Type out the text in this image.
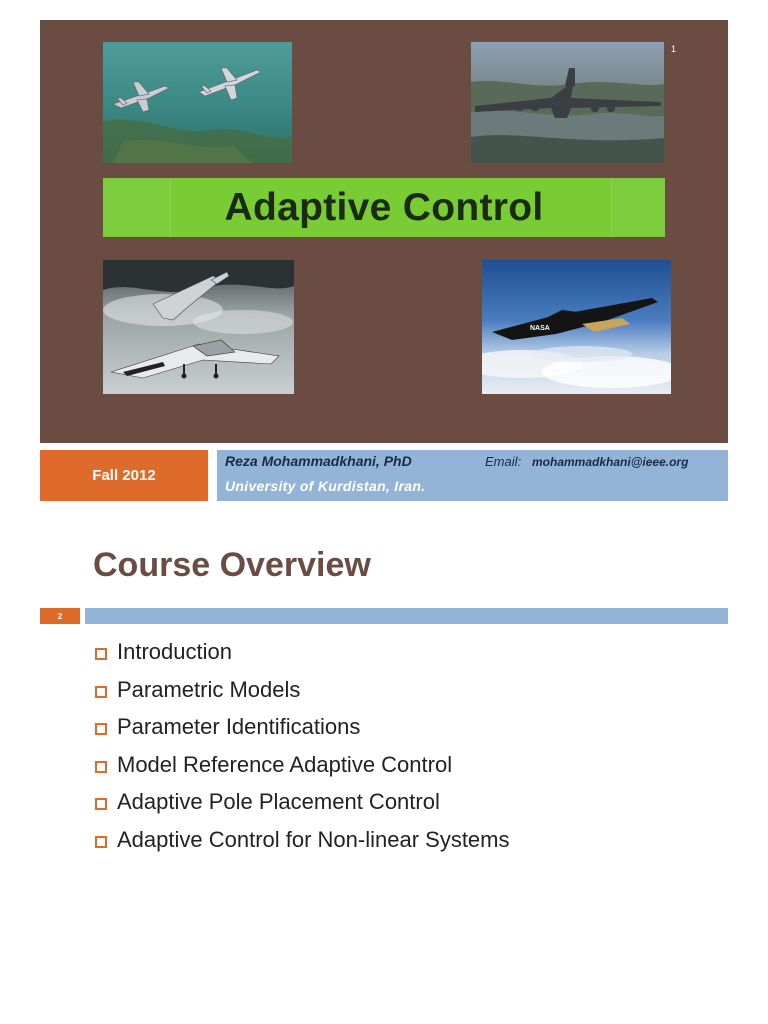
1
Adaptive Control
NASA
Fall 2012
Reza Mohammadkhani, PhD	Email: mohammadkhani@ieee.org
University of Kurdistan, Iran.
Course Overview
2
Introduction
Parametric Models
Parameter Identifications
Model Reference Adaptive Control
Adaptive Pole Placement Control
Adaptive Control for Non-linear Systems
